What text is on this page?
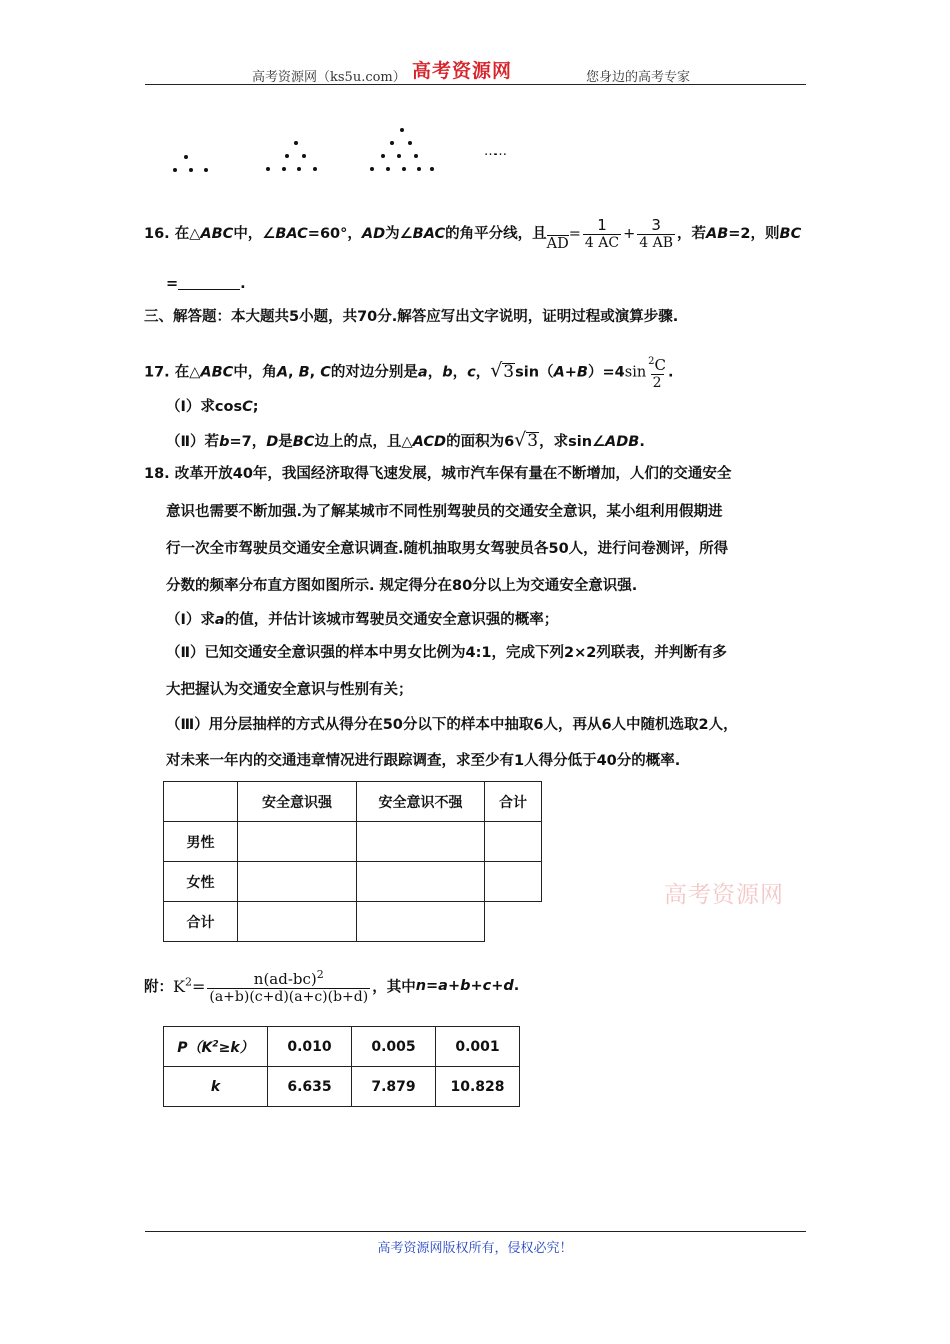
高考资源网（ks5u.com） 高考资源网	您身边的高考专家
……
16. 在△ABC中，∠BAC=60°，AD为∠BAC的角平分线，且$AD= \frac{1}{4 AC} + \frac{3}{4 AB}$ ，若AB=2，则BC
=	.
三、解答题：本大题共5小题，共70分.解答应写出文字说明，证明过程或演算步骤.
17. 在△ABC中，角A, B, C的对边分别是a，b，c，$√3\sin(A+B)=4\sin \frac{^2C}{2}$ .
（Ⅰ）求cosC;
（Ⅱ）若b=7，D是BC边上的点，且△ACD的面积为6√3，求sin∠ADB.
18. 改革开放40年，我国经济取得飞速发展，城市汽车保有量在不断增加，人们的交通安全
意识也需要不断加强.为了解某城市不同性别驾驶员的交通安全意识，某小组利用假期进
行一次全市驾驶员交通安全意识调查.随机抽取男女驾驶员各50人，进行问卷测评，所得
分数的频率分布直方图如图所示. 规定得分在80分以上为交通安全意识强.
（Ⅰ）求a的值，并估计该城市驾驶员交通安全意识强的概率；
（Ⅱ）已知交通安全意识强的样本中男女比例为4:1，完成下列2×2列联表，并判断有多
大把握认为交通安全意识与性别有关；
（Ⅲ）用分层抽样的方式从得分在50分以下的样本中抽取6人，再从6人中随机选取2人，
对未来一年内的交通违章情况进行跟踪调查，求至少有1人得分低于40分的概率.
	安全意识强	安全意识不强	合计
男性			
女性			
合计			
高考资源网
附：$K^2= \frac{n(ad-bc)^2}{(a+b)(c+d)(a+c)(b+d)}$ ，其中n=a+b+c+d.
$P(K^2\ge k)$	0.010	0.005	0.001
k	6.635	7.879	10.828
高考资源网版权所有，侵权必究！
